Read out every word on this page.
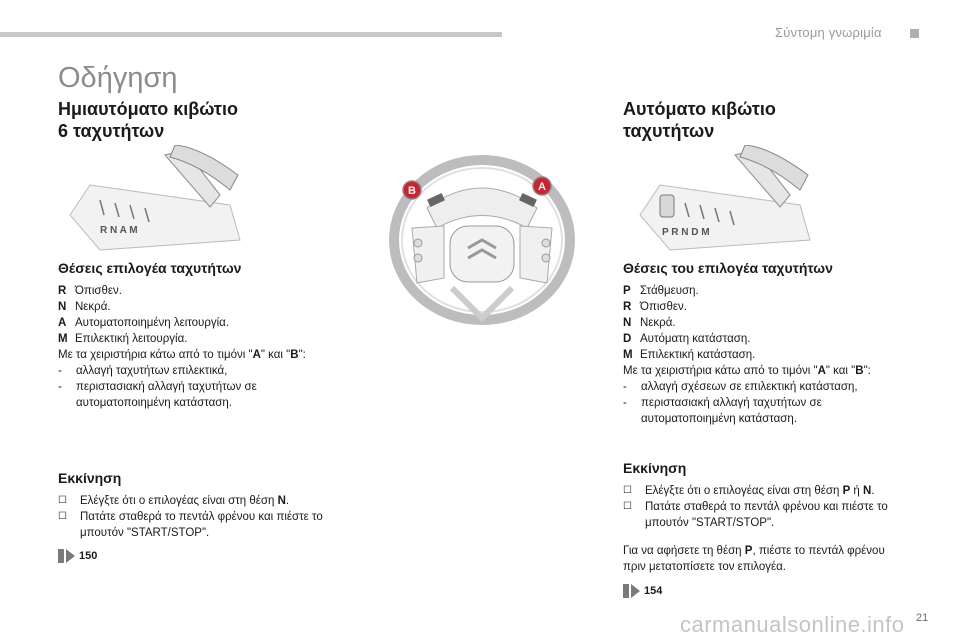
Σύντομη γνωριμία
Οδήγηση
Ημιαυτόματο κιβώτιο
6 ταχυτήτων
R N A M
Θέσεις επιλογέα ταχυτήτων
R Όπισθεν.
N Νεκρά.
A Αυτοματοποιημένη λειτουργία.
M Επιλεκτική λειτουργία.
Με τα χειριστήρια κάτω από το τιμόνι "A" και "B":
-	αλλαγή ταχυτήτων επιλεκτικά,
-	περιστασιακή αλλαγή ταχυτήτων σε αυτοματοποιημένη κατάσταση.
Εκκίνηση
☐	Ελέγξτε ότι ο επιλογέας είναι στη θέση N.
☐	Πατάτε σταθερά το πεντάλ φρένου και πιέστε το μπουτόν "START/STOP".
150
B	A
Αυτόματο κιβώτιο
ταχυτήτων
P R N D M
Θέσεις του επιλογέα ταχυτήτων
P Στάθμευση.
R Όπισθεν.
N Νεκρά.
D Αυτόματη κατάσταση.
M Επιλεκτική κατάσταση.
Με τα χειριστήρια κάτω από το τιμόνι "A" και "B":
-	αλλαγή σχέσεων σε επιλεκτική κατάσταση,
-	περιστασιακή αλλαγή ταχυτήτων σε αυτοματοποιημένη κατάσταση.
Εκκίνηση
☐	Ελέγξτε ότι ο επιλογέας είναι στη θέση P ή N.
☐	Πατάτε σταθερά το πεντάλ φρένου και πιέστε το μπουτόν "START/STOP".
Για να αφήσετε τη θέση P, πιέστε το πεντάλ φρένου πριν μετατοπίσετε τον επιλογέα.
154
carmanualsonline.info 21
